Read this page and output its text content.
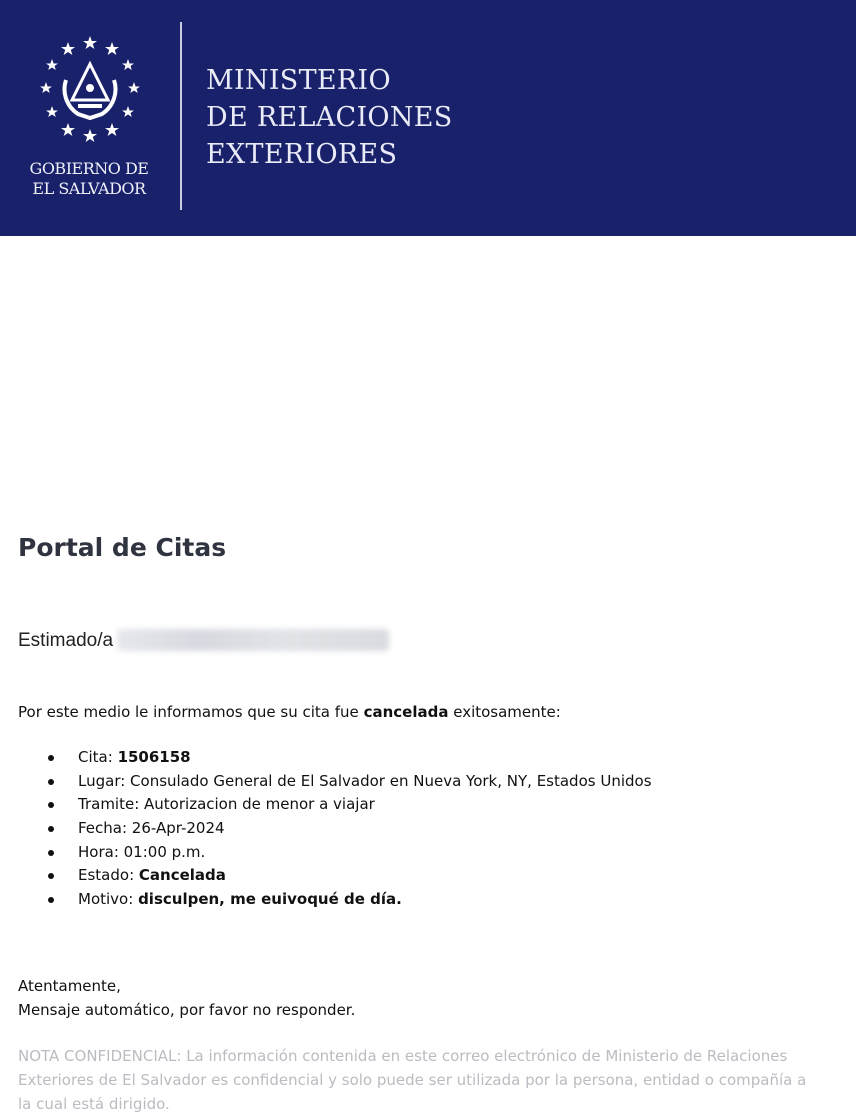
GOBIERNO DE
EL SALVADOR
MINISTERIO
DE RELACIONES
EXTERIORES
Portal de Citas
Estimado/a
Por este medio le informamos que su cita fue cancelada exitosamente:
Cita: 1506158
Lugar: Consulado General de El Salvador en Nueva York, NY, Estados Unidos
Tramite: Autorizacion de menor a viajar
Fecha: 26-Apr-2024
Hora: 01:00 p.m.
Estado: Cancelada
Motivo: disculpen, me euivoqué de día.
Atentamente,
Mensaje automático, por favor no responder.
NOTA CONFIDENCIAL: La información contenida en este correo electrónico de Ministerio de Relaciones Exteriores de El Salvador es confidencial y solo puede ser utilizada por la persona, entidad o compañía a la cual está dirigido.
